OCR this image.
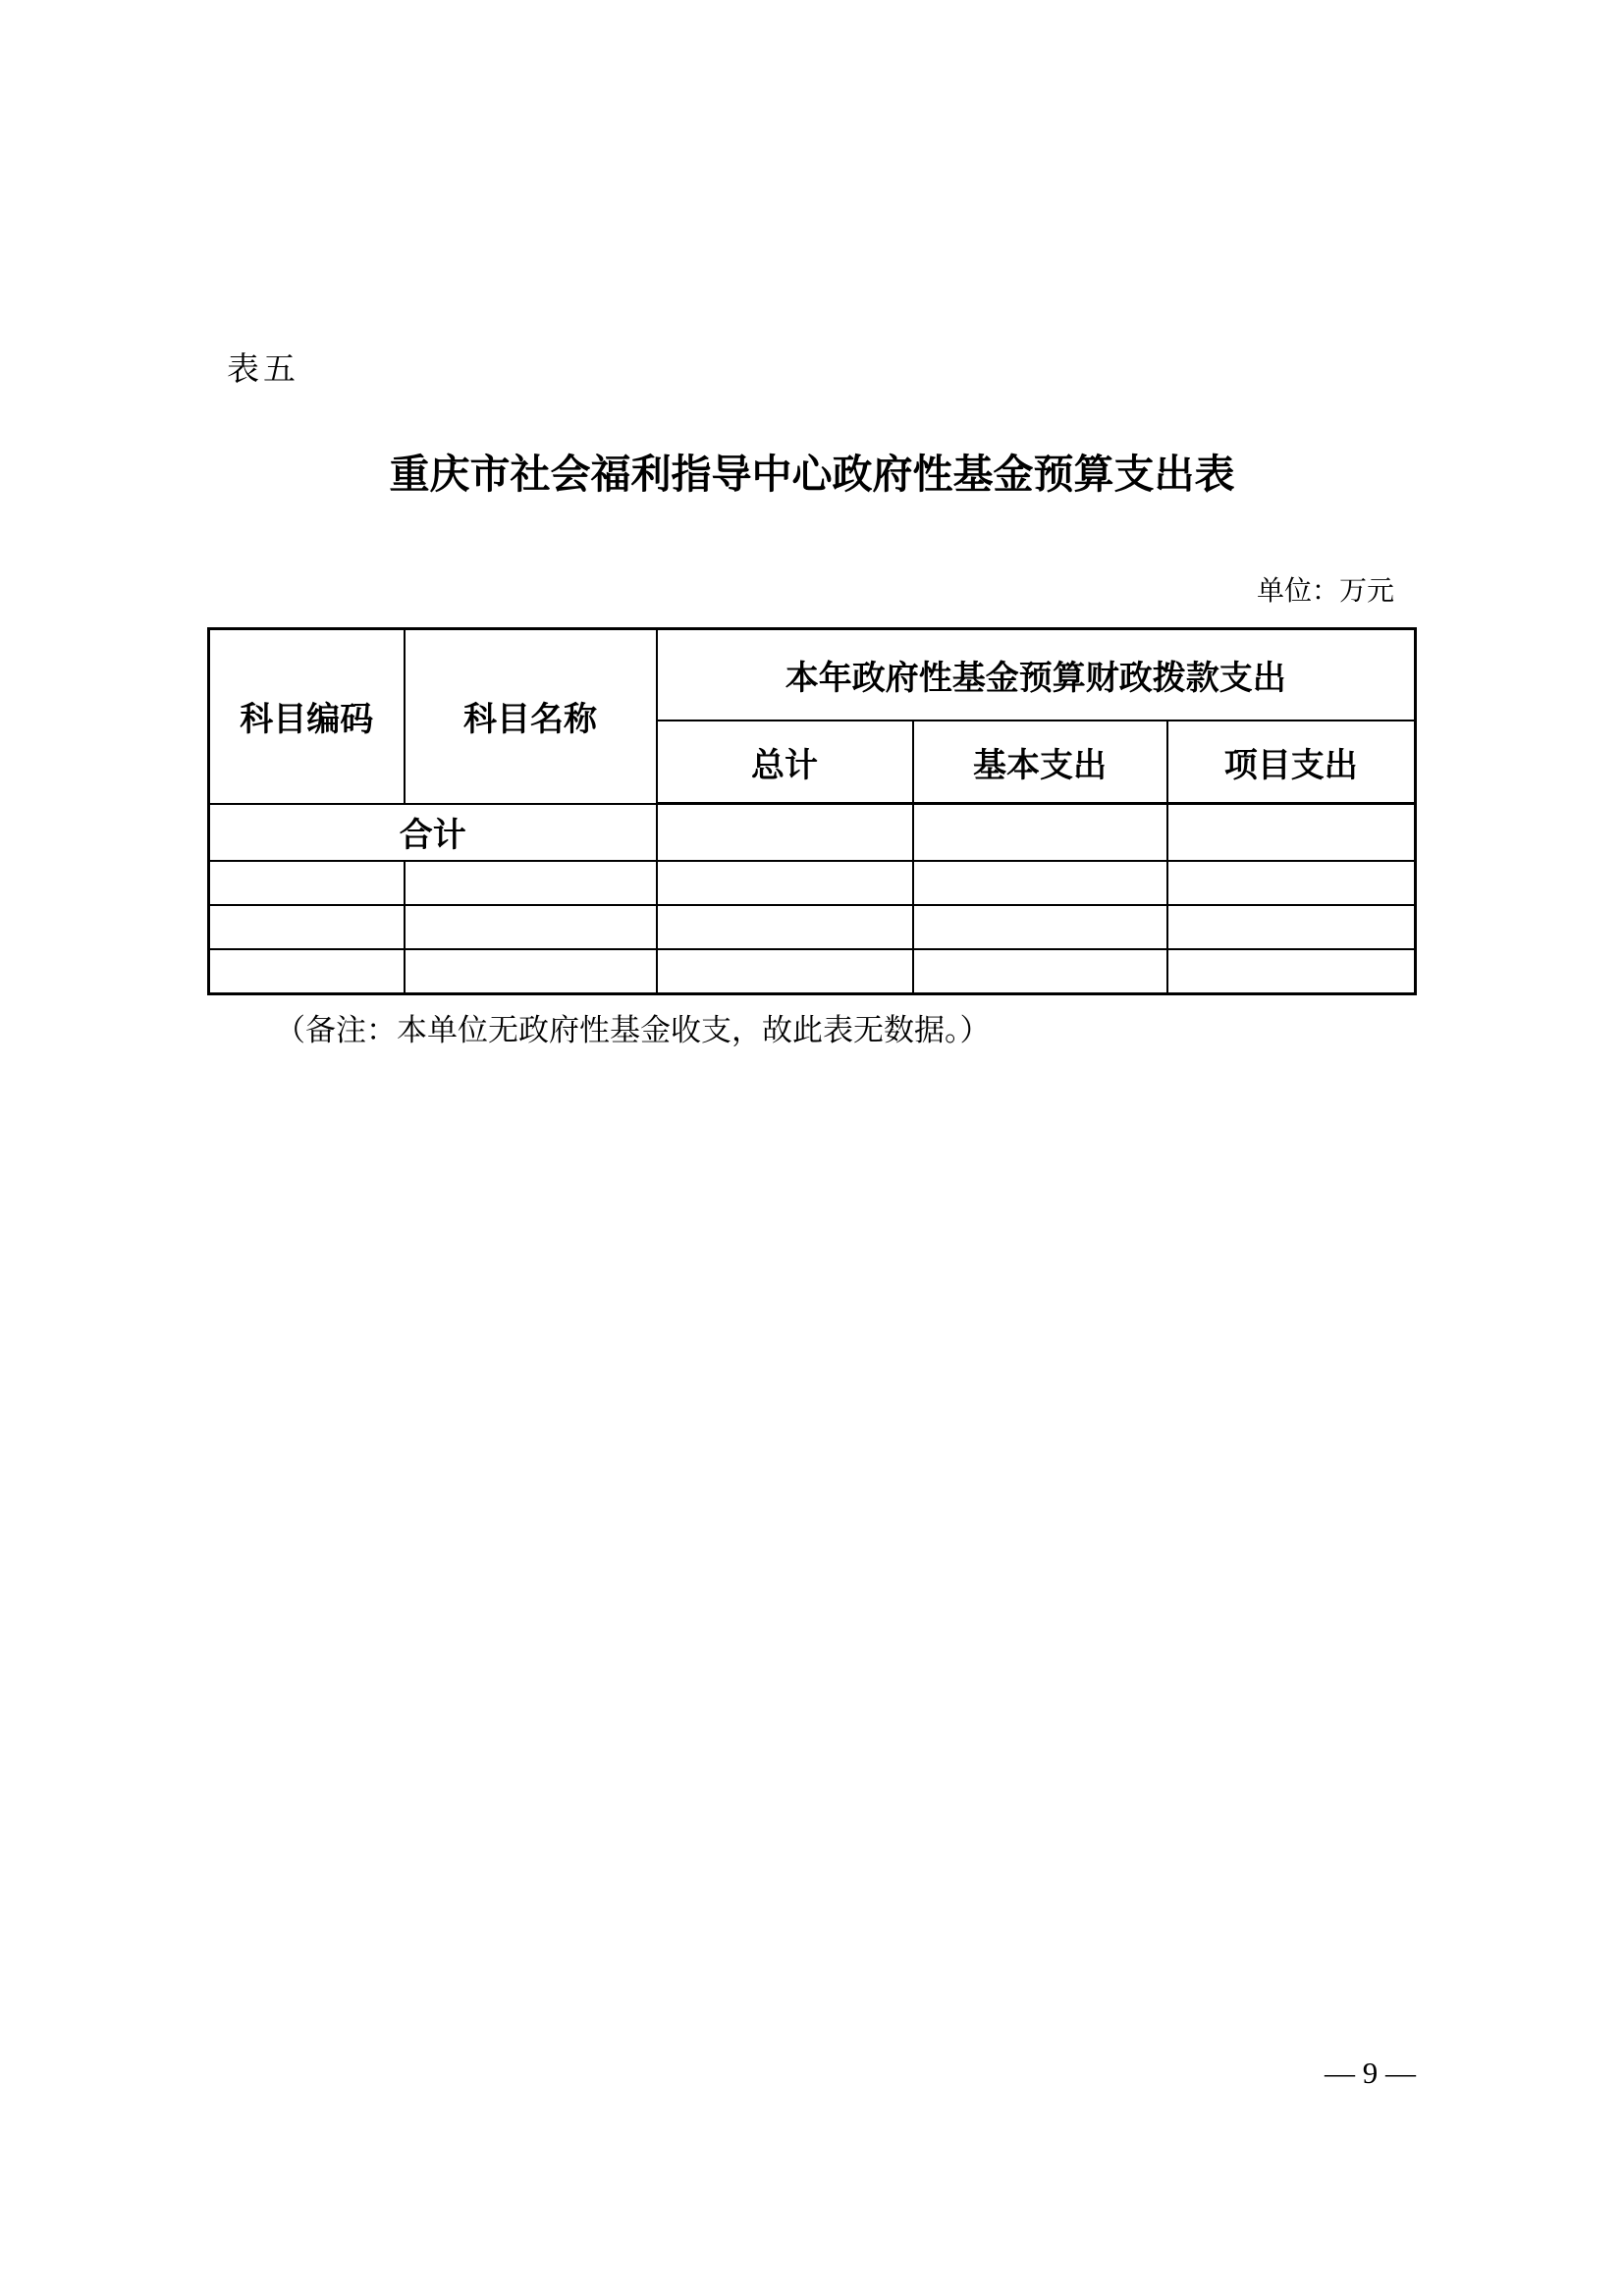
表五
重庆市社会福利指导中心政府性基金预算支出表
单位：万元
科目编码	科目名称	本年政府性基金预算财政拨款支出		
		总计	基本支出	项目支出
合计				

（备注：本单位无政府性基金收支，故此表无数据。）
— 9 —
